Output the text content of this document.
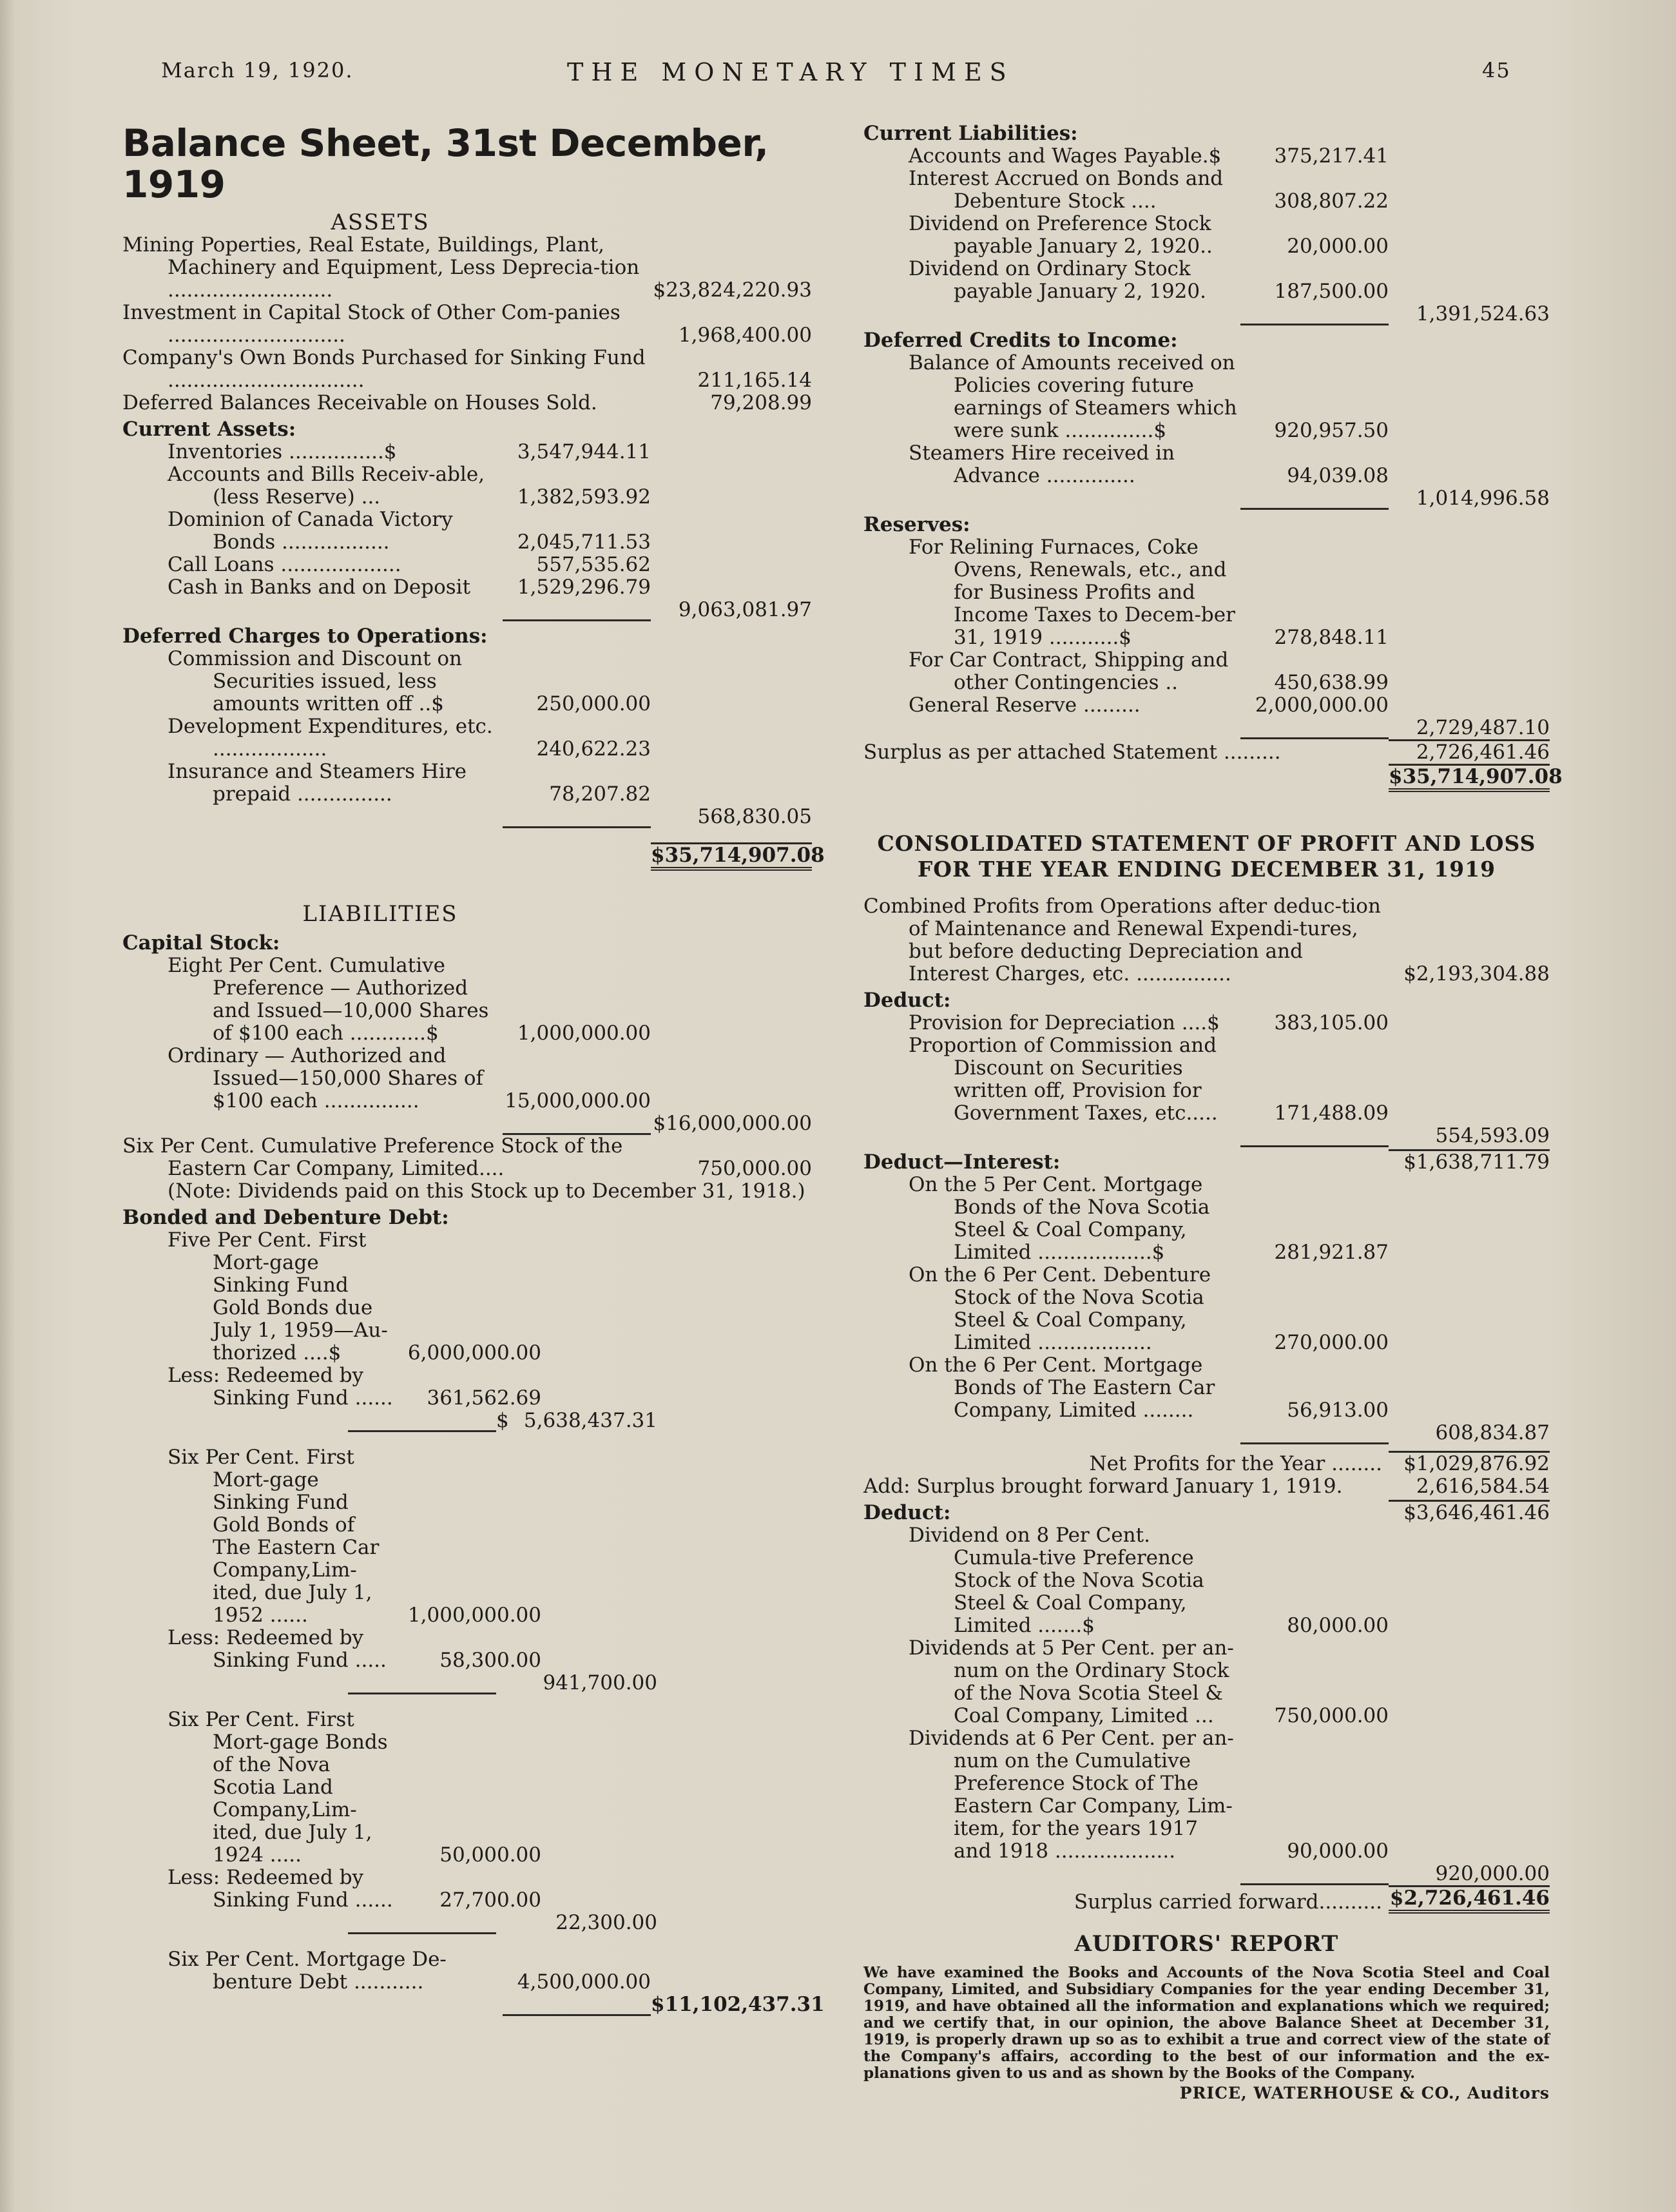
March 19, 1920.	THE MONETARY TIMES	45
Balance Sheet, 31st December, 1919
ASSETS
Mining Poperties, Real Estate, Buildings, Plant, Machinery and Equipment, Less Deprecia-tion ..........................	$23,824,220.93
Investment in Capital Stock of Other Com-panies ............................	1,968,400.00
Company's Own Bonds Purchased for Sinking Fund ...............................	211,165.14
Deferred Balances Receivable on Houses Sold.	79,208.99
Current Assets:
Inventories ...............$	3,547,944.11
Accounts and Bills Receiv-able, (less Reserve) ...	1,382,593.92
Dominion of Canada Victory Bonds .................	2,045,711.53
Call Loans ...................	557,535.62
Cash in Banks and on Deposit	1,529,296.79
9,063,081.97
Deferred Charges to Operations:
Commission and Discount on Securities issued, less amounts written off ..$	250,000.00
Development Expenditures, etc. ..................	240,622.23
Insurance and Steamers Hire prepaid ...............	78,207.82
568,830.05
$35,714,907.08
LIABILITIES
Capital Stock:
Eight Per Cent. Cumulative Preference — Authorized and Issued—10,000 Shares of $100 each ............$	1,000,000.00
Ordinary — Authorized and Issued—150,000 Shares of $100 each ...............	15,000,000.00
$16,000,000.00
Six Per Cent. Cumulative Preference Stock of the Eastern Car Company, Limited....	750,000.00
(Note: Dividends paid on this Stock up to December 31, 1918.)
Bonded and Debenture Debt:
Five Per Cent. First Mort-gage Sinking Fund Gold Bonds due July 1, 1959—Au-thorized ....$	6,000,000.00
Less: Redeemed by Sinking Fund ......	361,562.69
$ 5,638,437.31
Six Per Cent. First Mort-gage Sinking Fund Gold Bonds of The Eastern Car Company,Lim-ited, due July 1, 1952 ......	1,000,000.00
Less: Redeemed by Sinking Fund .....	58,300.00
941,700.00
Six Per Cent. First Mort-gage Bonds of the Nova Scotia Land Company,Lim-ited, due July 1, 1924 .....	50,000.00
Less: Redeemed by Sinking Fund ......	27,700.00
22,300.00
Six Per Cent. Mortgage De-benture Debt ...........	4,500,000.00
$11,102,437.31
Current Liabilities:
Accounts and Wages Payable.$	375,217.41
Interest Accrued on Bonds and Debenture Stock ....	308,807.22
Dividend on Preference Stock payable January 2, 1920..	20,000.00
Dividend on Ordinary Stock payable January 2, 1920.	187,500.00
1,391,524.63
Deferred Credits to Income:
Balance of Amounts received on Policies covering future earnings of Steamers which were sunk ..............$	920,957.50
Steamers Hire received in Advance ..............	94,039.08
1,014,996.58
Reserves:
For Relining Furnaces, Coke Ovens, Renewals, etc., and for Business Profits and Income Taxes to Decem-ber 31, 1919 ...........$	278,848.11
For Car Contract, Shipping and other Contingencies ..	450,638.99
General Reserve .........	2,000,000.00
2,729,487.10
Surplus as per attached Statement .........	2,726,461.46
$35,714,907.08
CONSOLIDATED STATEMENT OF PROFIT AND LOSS FOR THE YEAR ENDING DECEMBER 31, 1919
Combined Profits from Operations after deduc-tion of Maintenance and Renewal Expendi-tures, but before deducting Depreciation and Interest Charges, etc. ...............	$2,193,304.88
Deduct:
Provision for Depreciation ....$	383,105.00
Proportion of Commission and Discount on Securities written off, Provision for Government Taxes, etc.....	171,488.09
554,593.09
Deduct—Interest:	$1,638,711.79
On the 5 Per Cent. Mortgage Bonds of the Nova Scotia Steel & Coal Company, Limited ..................$	281,921.87
On the 6 Per Cent. Debenture Stock of the Nova Scotia Steel & Coal Company, Limited ..................	270,000.00
On the 6 Per Cent. Mortgage Bonds of The Eastern Car Company, Limited ........	56,913.00
608,834.87
Net Profits for the Year ........	$1,029,876.92
Add: Surplus brought forward January 1, 1919.	2,616,584.54
Deduct:	$3,646,461.46
Dividend on 8 Per Cent. Cumula-tive Preference Stock of the Nova Scotia Steel & Coal Company, Limited .......$	80,000.00
Dividends at 5 Per Cent. per an-num on the Ordinary Stock of the Nova Scotia Steel & Coal Company, Limited ...	750,000.00
Dividends at 6 Per Cent. per an-num on the Cumulative Preference Stock of The Eastern Car Company, Lim-item, for the years 1917 and 1918 ...................	90,000.00
920,000.00
Surplus carried forward.......... $2,726,461.46
AUDITORS' REPORT
We have examined the Books and Accounts of the Nova Scotia Steel and Coal Company, Limited, and Subsidiary Companies for the year ending December 31, 1919, and have obtained all the information and explanations which we required; and we certify that, in our opinion, the above Balance Sheet at December 31, 1919, is properly drawn up so as to exhibit a true and correct view of the state of the Company's affairs, according to the best of our information and the ex-planations given to us and as shown by the Books of the Company.
PRICE, WATERHOUSE & CO., Auditors
